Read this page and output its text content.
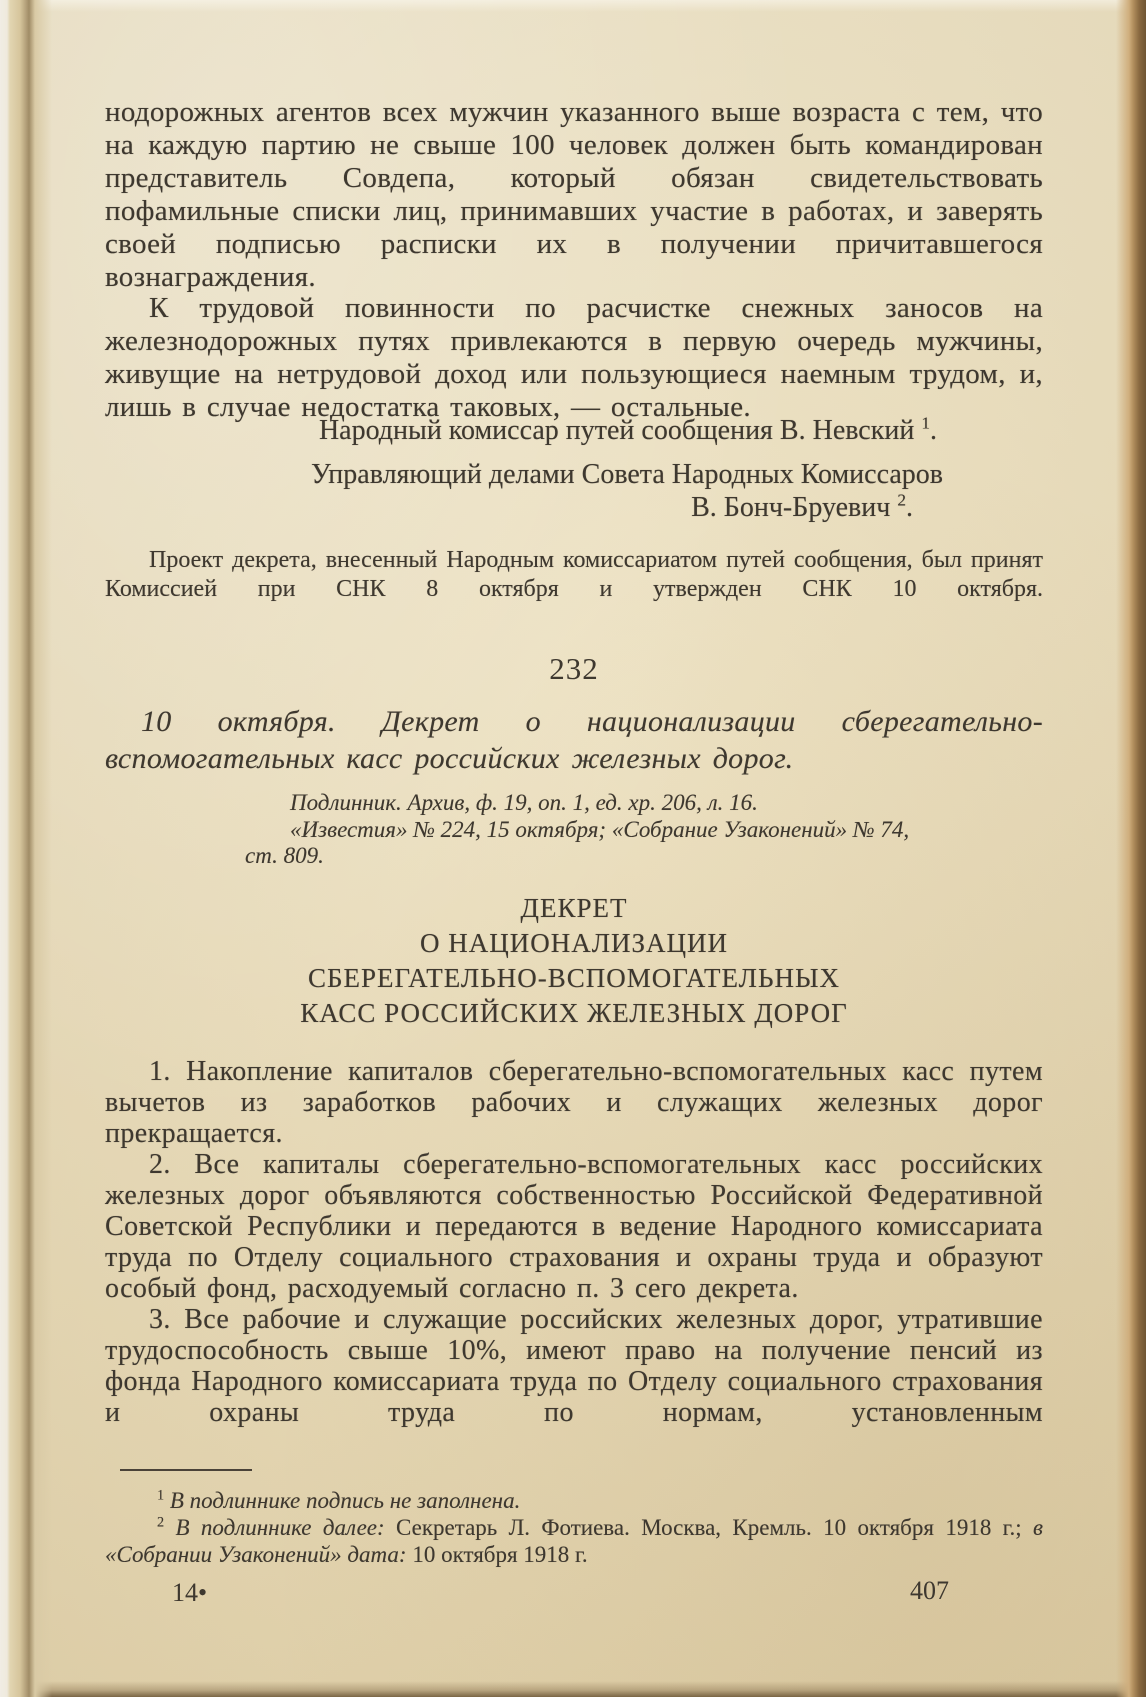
нодорожных агентов всех мужчин указанного выше возраста с тем, что на каждую партию не свыше 100 человек должен быть командирован представитель Совдепа, который обязан свидетельствовать пофамильные списки лиц, принимавших участие в работах, и заверять своей подписью расписки их в получении причитавшегося вознаграждения.
К трудовой повинности по расчистке снежных заносов на железнодорожных путях привлекаются в первую очередь мужчины, живущие на нетрудовой доход или пользующиеся наемным трудом, и, лишь в случае недостатка таковых, — остальные.
Народный комиссар путей сообщения В. Невский $^1$.
Управляющий делами Совета Народных Комиссаров
В. Бонч-Бруевич $^2$.
Проект декрета, внесенный Народным комиссариатом путей сообщения, был принят Комиссией при СНК 8 октября и утвержден СНК 10 октября.
232
10 октября. Декрет о национализации сберегательно-вспомогательных касс российских железных дорог.
Подлинник. Архив, ф. 19, оп. 1, ед. хр. 206, л. 16.
«Известия» № 224, 15 октября; «Собрание Узаконений» № 74,
ст. 809.
ДЕКРЕТ
О НАЦИОНАЛИЗАЦИИ
СБЕРЕГАТЕЛЬНО-ВСПОМОГАТЕЛЬНЫХ
КАСС РОССИЙСКИХ ЖЕЛЕЗНЫХ ДОРОГ

1. Накопление капиталов сберегательно-вспомогательных касс путем вычетов из заработков рабочих и служащих железных дорог прекращается.

2. Все капиталы сберегательно-вспомогательных касс российских железных дорог объявляются собственностью Российской Федеративной Советской Республики и передаются в ведение Народного комиссариата труда по Отделу социального страхования и охраны труда и образуют особый фонд, расходуемый согласно п. 3 сего декрета.

3. Все рабочие и служащие российских железных дорог, утратившие трудоспособность свыше 10%, имеют право на получение пенсий из фонда Народного комиссариата труда по Отделу социального страхования и охраны труда по нормам, установленным

$^1$ В подлиннике подпись не заполнена.

$^2$ В подлиннике далее: Секретарь Л. Фотиева. Москва, Кремль. 10 октября 1918 г.; в «Собрании Узаконений» дата: 10 октября 1918 г.

14•	407
